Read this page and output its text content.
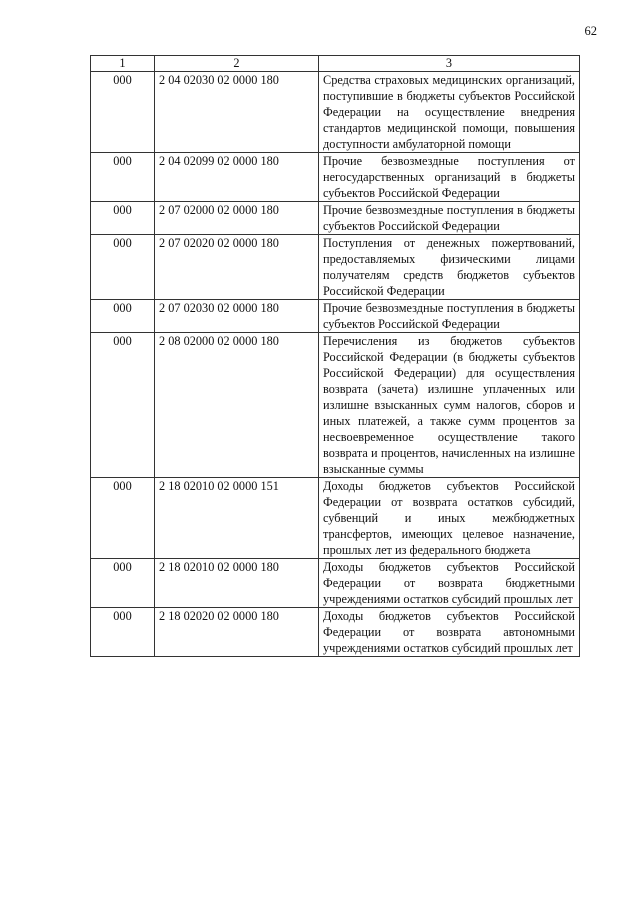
62
1	2	3
000	2 04 02030 02 0000 180	Средства страховых медицинских организаций, поступившие в бюджеты субъектов Российской Федерации на осуществление внедрения стандартов медицинской помощи, повышения доступности амбулаторной помощи
000	2 04 02099 02 0000 180	Прочие безвозмездные поступления от негосударственных организаций в бюджеты субъектов Российской Федерации
000	2 07 02000 02 0000 180	Прочие безвозмездные поступления в бюджеты субъектов Российской Федерации
000	2 07 02020 02 0000 180	Поступления от денежных пожертвований, предоставляемых физическими лицами получателям средств бюджетов субъектов Российской Федерации
000	2 07 02030 02 0000 180	Прочие безвозмездные поступления в бюджеты субъектов Российской Федерации
000	2 08 02000 02 0000 180	Перечисления из бюджетов субъектов Российской Федерации (в бюджеты субъектов Российской Федерации) для осуществления возврата (зачета) излишне уплаченных или излишне взысканных сумм налогов, сборов и иных платежей, а также сумм процентов за несвоевременное осуществление такого возврата и процентов, начисленных на излишне взысканные суммы
000	2 18 02010 02 0000 151	Доходы бюджетов субъектов Российской Федерации от возврата остатков субсидий, субвенций и иных межбюджетных трансфертов, имеющих целевое назначение, прошлых лет из федерального бюджета
000	2 18 02010 02 0000 180	Доходы бюджетов субъектов Российской Федерации от возврата бюджетными учреждениями остатков субсидий прошлых лет
000	2 18 02020 02 0000 180	Доходы бюджетов субъектов Российской Федерации от возврата автономными учреждениями остатков субсидий прошлых лет
